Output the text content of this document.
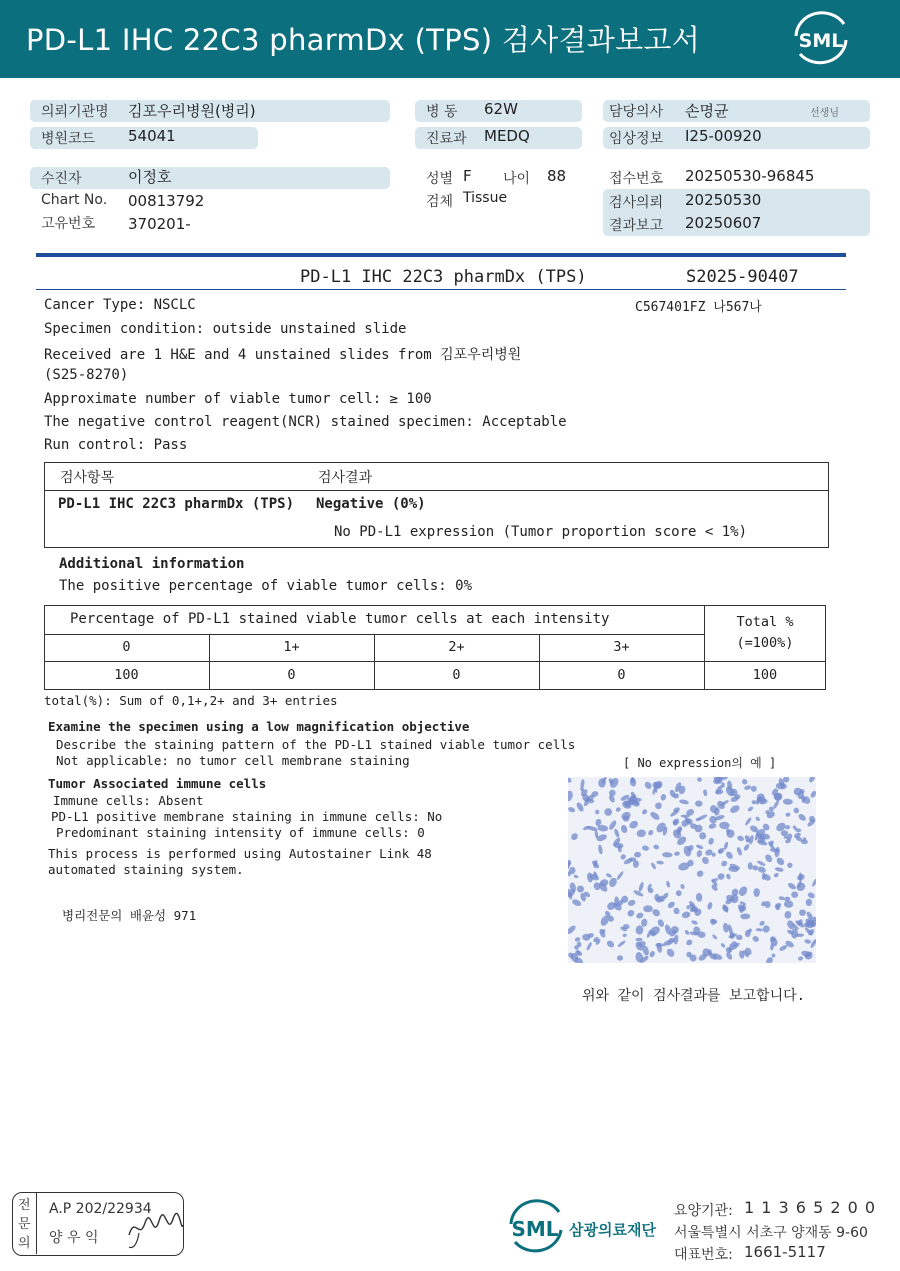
PD-L1 IHC 22C3 pharmDx (TPS) 검사결과보고서	SML
의뢰기관명 김포우리병원(병리)
병원코드 54041
병 동 62W
진료과 MEDQ
담당의사 손명균	선생님
임상정보 I25-00920
수진자	이정호
Chart No. 00813792
고유번호 370201-
성별 F 나이 88
검체 Tissue
접수번호 20250530-96845
검사의뢰 20250530
결과보고 20250607
PD-L1 IHC 22C3 pharmDx (TPS)	S2025-90407
C567401FZ 나567나
Cancer Type: NSCLC
Specimen condition: outside unstained slide
Received are 1 H&E and 4 unstained slides from 김포우리병원
(S25-8270)
Approximate number of viable tumor cell: ≥ 100
The negative control reagent(NCR) stained specimen: Acceptable
Run control: Pass
검사항목	검사결과
PD-L1 IHC 22C3 pharmDx (TPS) Negative (0%)
No PD-L1 expression (Tumor proportion score < 1%)
Additional information
The positive percentage of viable tumor cells: 0%
Percentage of PD-L1 stained viable tumor cells at each intensity	Total %
(=100%)
0	1+	2+	3+
100	0	0	0	100
total(%): Sum of 0,1+,2+ and 3+ entries
Examine the specimen using a low magnification objective
Describe the staining pattern of the PD-L1 stained viable tumor cells
Not applicable: no tumor cell membrane staining
Tumor Associated immune cells
Immune cells: Absent
PD-L1 positive membrane staining in immune cells: No
Predominant staining intensity of immune cells: 0
This process is performed using Autostainer Link 48
automated staining system.
병리전문의 배윤성 971
[ No expression의 예 ]
위와 같이 검사결과를 보고합니다.
전문의
A.P 202/22934
양 우 익	SML 삼광의료재단
요양기관: 1 1 3 6 5 2 0 0
서울특별시 서초구 양재동 9-60
대표번호: 1661-5117
